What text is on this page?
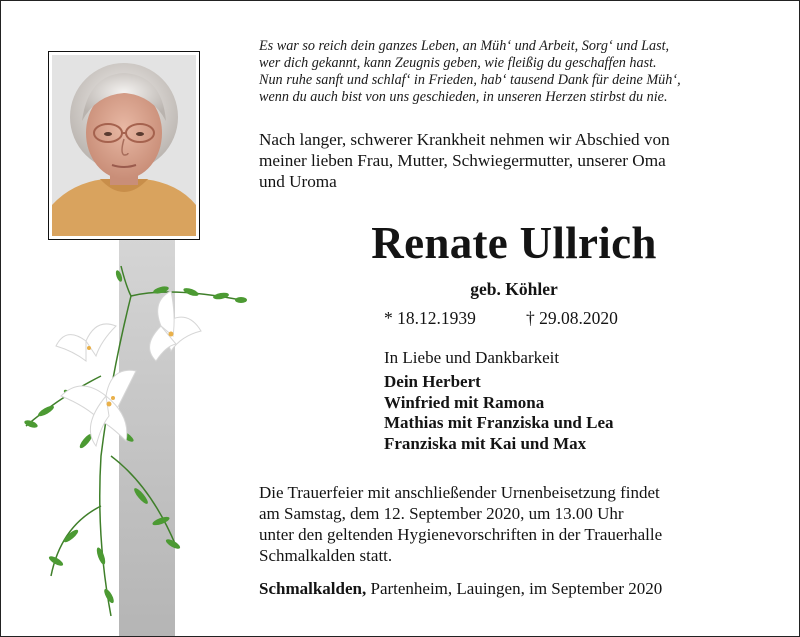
Es war so reich dein ganzes Leben, an Müh‘ und Arbeit, Sorg‘ und Last,
wer dich gekannt, kann Zeugnis geben, wie fleißig du geschaffen hast.
Nun ruhe sanft und schlaf‘ in Frieden, hab‘ tausend Dank für deine Müh‘,
wenn du auch bist von uns geschieden, in unseren Herzen stirbst du nie.
Nach langer, schwerer Krankheit nehmen wir Abschied von
meiner lieben Frau, Mutter, Schwiegermutter, unserer Oma
und Uroma
Renate Ullrich
geb. Köhler
* 18.12.1939	† 29.08.2020
In Liebe und Dankbarkeit
Dein Herbert
Winfried mit Ramona
Mathias mit Franziska und Lea
Franziska mit Kai und Max
Die Trauerfeier mit anschließender Urnenbeisetzung findet
am Samstag, dem 12. September 2020, um 13.00 Uhr
unter den geltenden Hygienevorschriften in der Trauerhalle
Schmalkalden statt.
Schmalkalden, Partenheim, Lauingen, im September 2020
